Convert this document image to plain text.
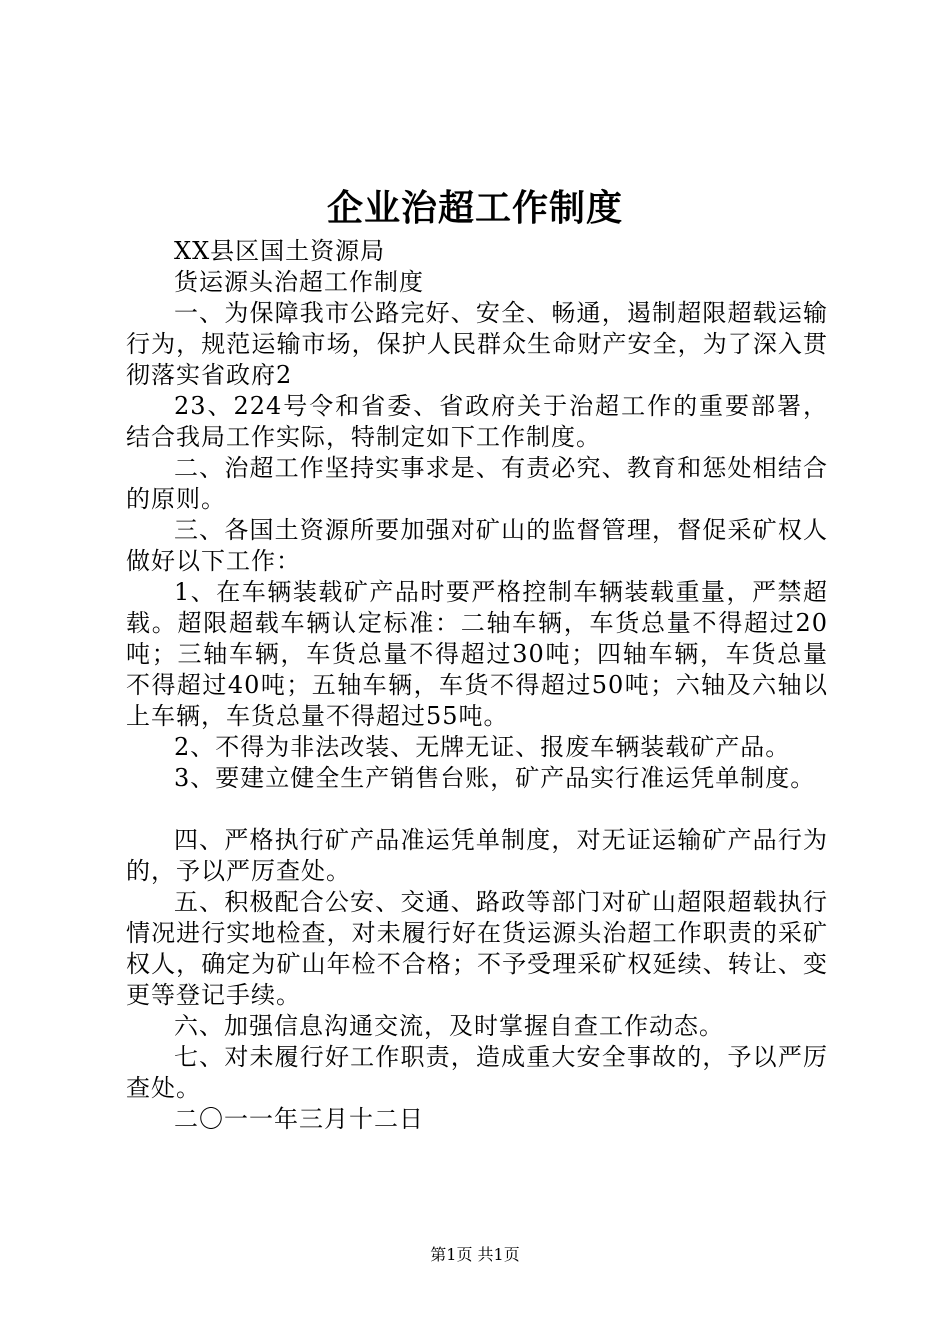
企业治超工作制度

XX县区国土资源局

货运源头治超工作制度

一、为保障我市公路完好、安全、畅通，遏制超限超载运输行为，规范运输市场，保护人民群众生命财产安全，为了深入贯彻落实省政府2

23、224号令和省委、省政府关于治超工作的重要部署，结合我局工作实际，特制定如下工作制度。

二、治超工作坚持实事求是、有责必究、教育和惩处相结合的原则。

三、各国土资源所要加强对矿山的监督管理，督促采矿权人做好以下工作：

1、在车辆装载矿产品时要严格控制车辆装载重量，严禁超载。超限超载车辆认定标准：二轴车辆，车货总量不得超过20吨；三轴车辆，车货总量不得超过30吨；四轴车辆，车货总量不得超过40吨；五轴车辆，车货不得超过50吨；六轴及六轴以上车辆，车货总量不得超过55吨。

2、不得为非法改装、无牌无证、报废车辆装载矿产品。

3、要建立健全生产销售台账，矿产品实行准运凭单制度。

四、严格执行矿产品准运凭单制度，对无证运输矿产品行为的，予以严厉查处。

五、积极配合公安、交通、路政等部门对矿山超限超载执行情况进行实地检查，对未履行好在货运源头治超工作职责的采矿权人，确定为矿山年检不合格；不予受理采矿权延续、转让、变更等登记手续。

六、加强信息沟通交流，及时掌握自查工作动态。

七、对未履行好工作职责，造成重大安全事故的，予以严厉查处。

二〇一一年三月十二日

第1页 共1页
